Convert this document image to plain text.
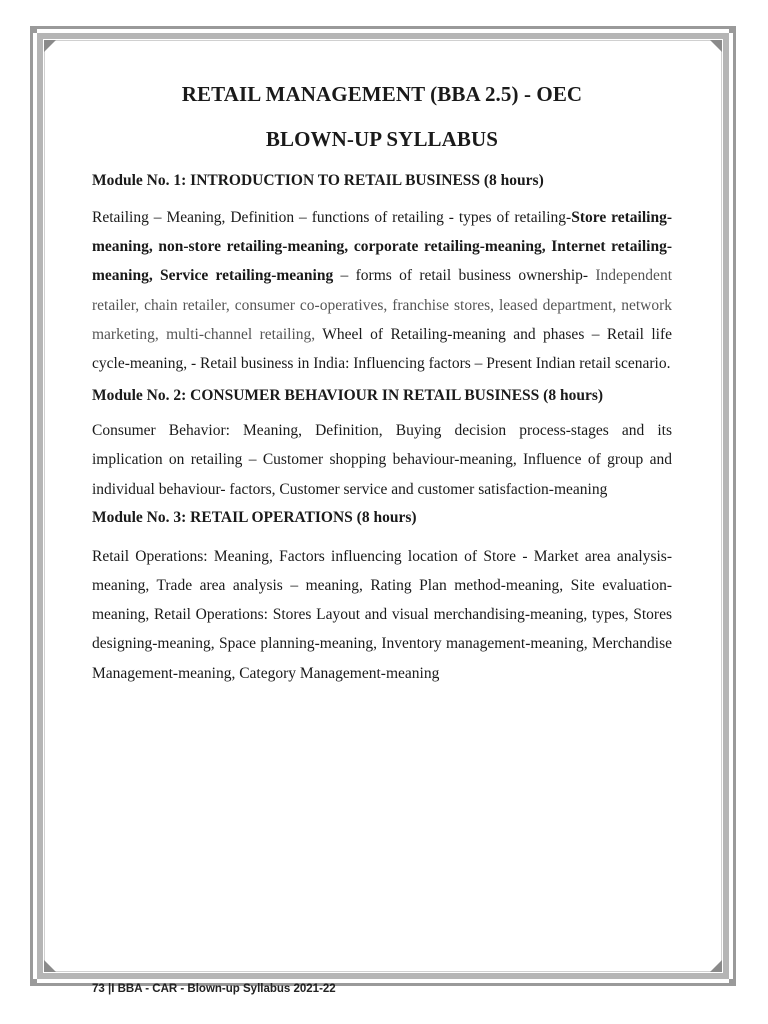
RETAIL MANAGEMENT (BBA 2.5) - OEC
BLOWN-UP SYLLABUS

Module No. 1: INTRODUCTION TO RETAIL BUSINESS (8 hours)

Retailing – Meaning, Definition – functions of retailing - types of retailing-Store retailing-meaning, non-store retailing-meaning, corporate retailing-meaning, Internet retailing-meaning, Service retailing-meaning – forms of retail business ownership- Independent retailer, chain retailer, consumer co-operatives, franchise stores, leased department, network marketing, multi-channel retailing, Wheel of Retailing-meaning and phases – Retail life cycle-meaning, - Retail business in India: Influencing factors – Present Indian retail scenario.

Module No. 2: CONSUMER BEHAVIOUR IN RETAIL BUSINESS (8 hours)

Consumer Behavior: Meaning, Definition, Buying decision process-stages and its implication on retailing – Customer shopping behaviour-meaning, Influence of group and individual behaviour- factors, Customer service and customer satisfaction-meaning

Module No. 3: RETAIL OPERATIONS (8 hours)

Retail Operations: Meaning, Factors influencing location of Store - Market area analysis-meaning, Trade area analysis – meaning, Rating Plan method-meaning, Site evaluation-meaning, Retail Operations: Stores Layout and visual merchandising-meaning, types, Stores designing-meaning, Space planning-meaning, Inventory management-meaning, Merchandise Management-meaning, Category Management-meaning

73 |I BBA - CAR - Blown-up Syllabus 2021-22
